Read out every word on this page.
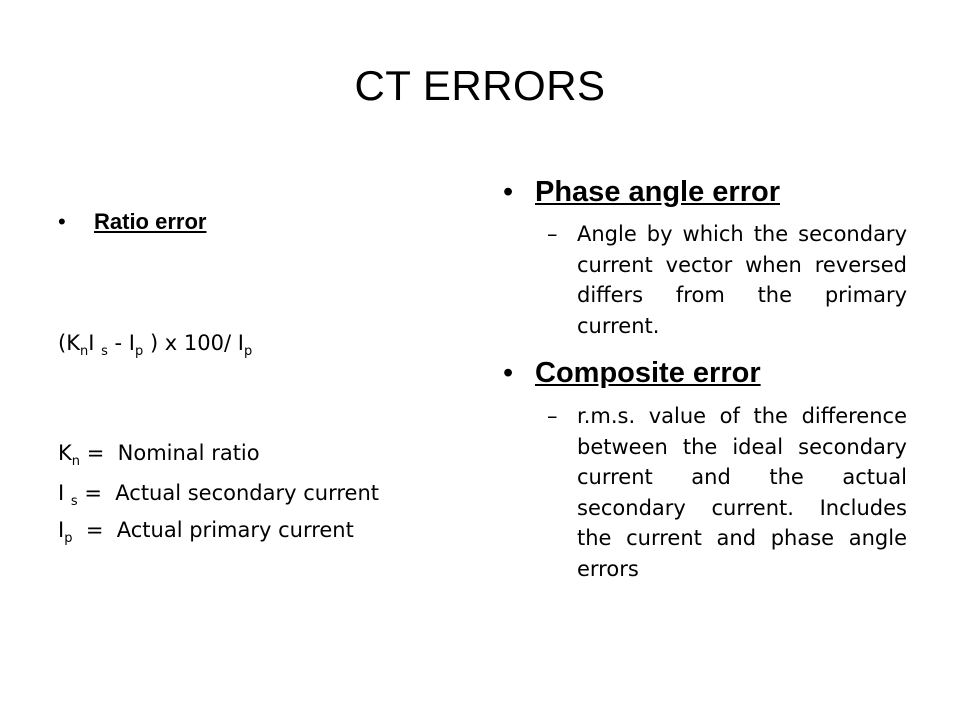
CT ERRORS
• Ratio error
($K_nI$ $_s - I_p$ ) x 100/ $I_p$
$K_n$ =  Nominal ratio
I $_s$ =  Actual secondary current
$I_p$  =  Actual primary current
• Phase angle error
– Angle by which the secondary current vector when reversed differs from the primary current.
• Composite error
– r.m.s. value of the difference between the ideal secondary current and the actual secondary current. Includes the current and phase angle errors
